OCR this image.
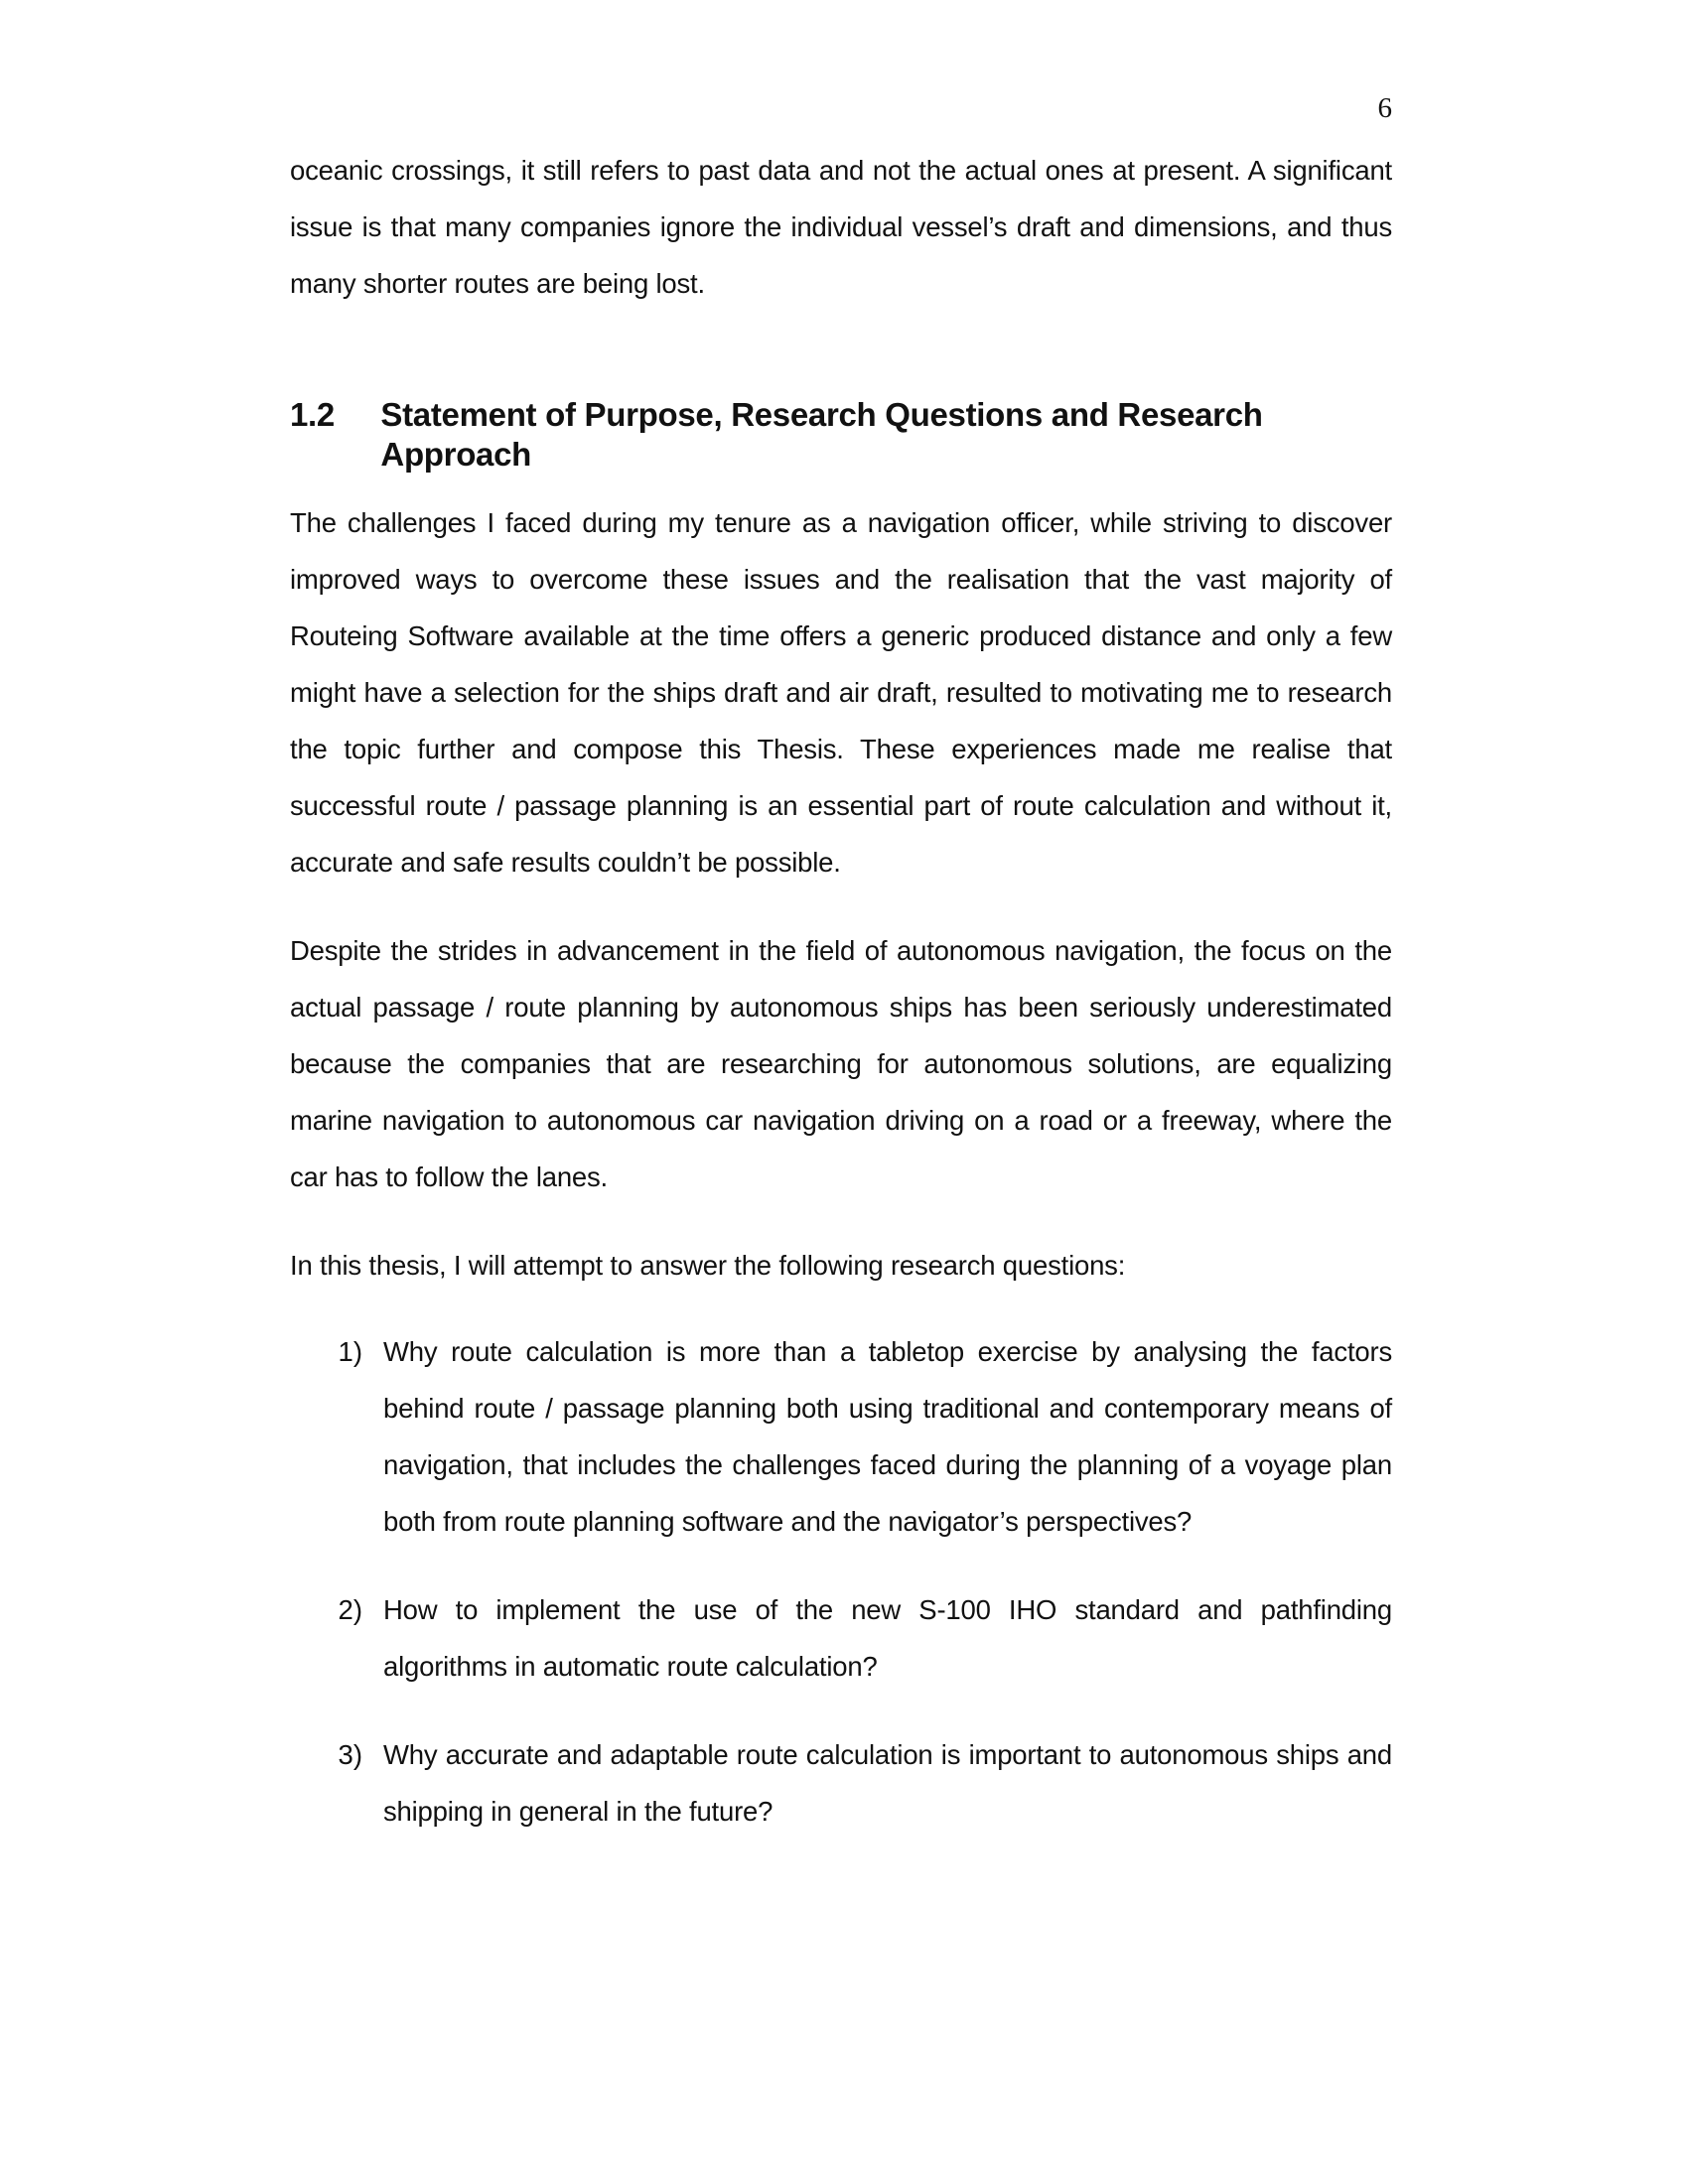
6

oceanic crossings, it still refers to past data and not the actual ones at present. A significant issue is that many companies ignore the individual vessel’s draft and dimensions, and thus many shorter routes are being lost.

1.2	Statement of Purpose, Research Questions and Research Approach

The challenges I faced during my tenure as a navigation officer, while striving to discover improved ways to overcome these issues and the realisation that the vast majority of Routeing Software available at the time offers a generic produced distance and only a few might have a selection for the ships draft and air draft, resulted to motivating me to research the topic further and compose this Thesis. These experiences made me realise that successful route / passage planning is an essential part of route calculation and without it, accurate and safe results couldn’t be possible.

Despite the strides in advancement in the field of autonomous navigation, the focus on the actual passage / route planning by autonomous ships has been seriously underestimated because the companies that are researching for autonomous solutions, are equalizing marine navigation to autonomous car navigation driving on a road or a freeway, where the car has to follow the lanes.

In this thesis, I will attempt to answer the following research questions:

1) Why route calculation is more than a tabletop exercise by analysing the factors behind route / passage planning both using traditional and contemporary means of navigation, that includes the challenges faced during the planning of a voyage plan both from route planning software and the navigator’s perspectives?

2) How to implement the use of the new S-100 IHO standard and pathfinding algorithms in automatic route calculation?

3) Why accurate and adaptable route calculation is important to autonomous ships and shipping in general in the future?
